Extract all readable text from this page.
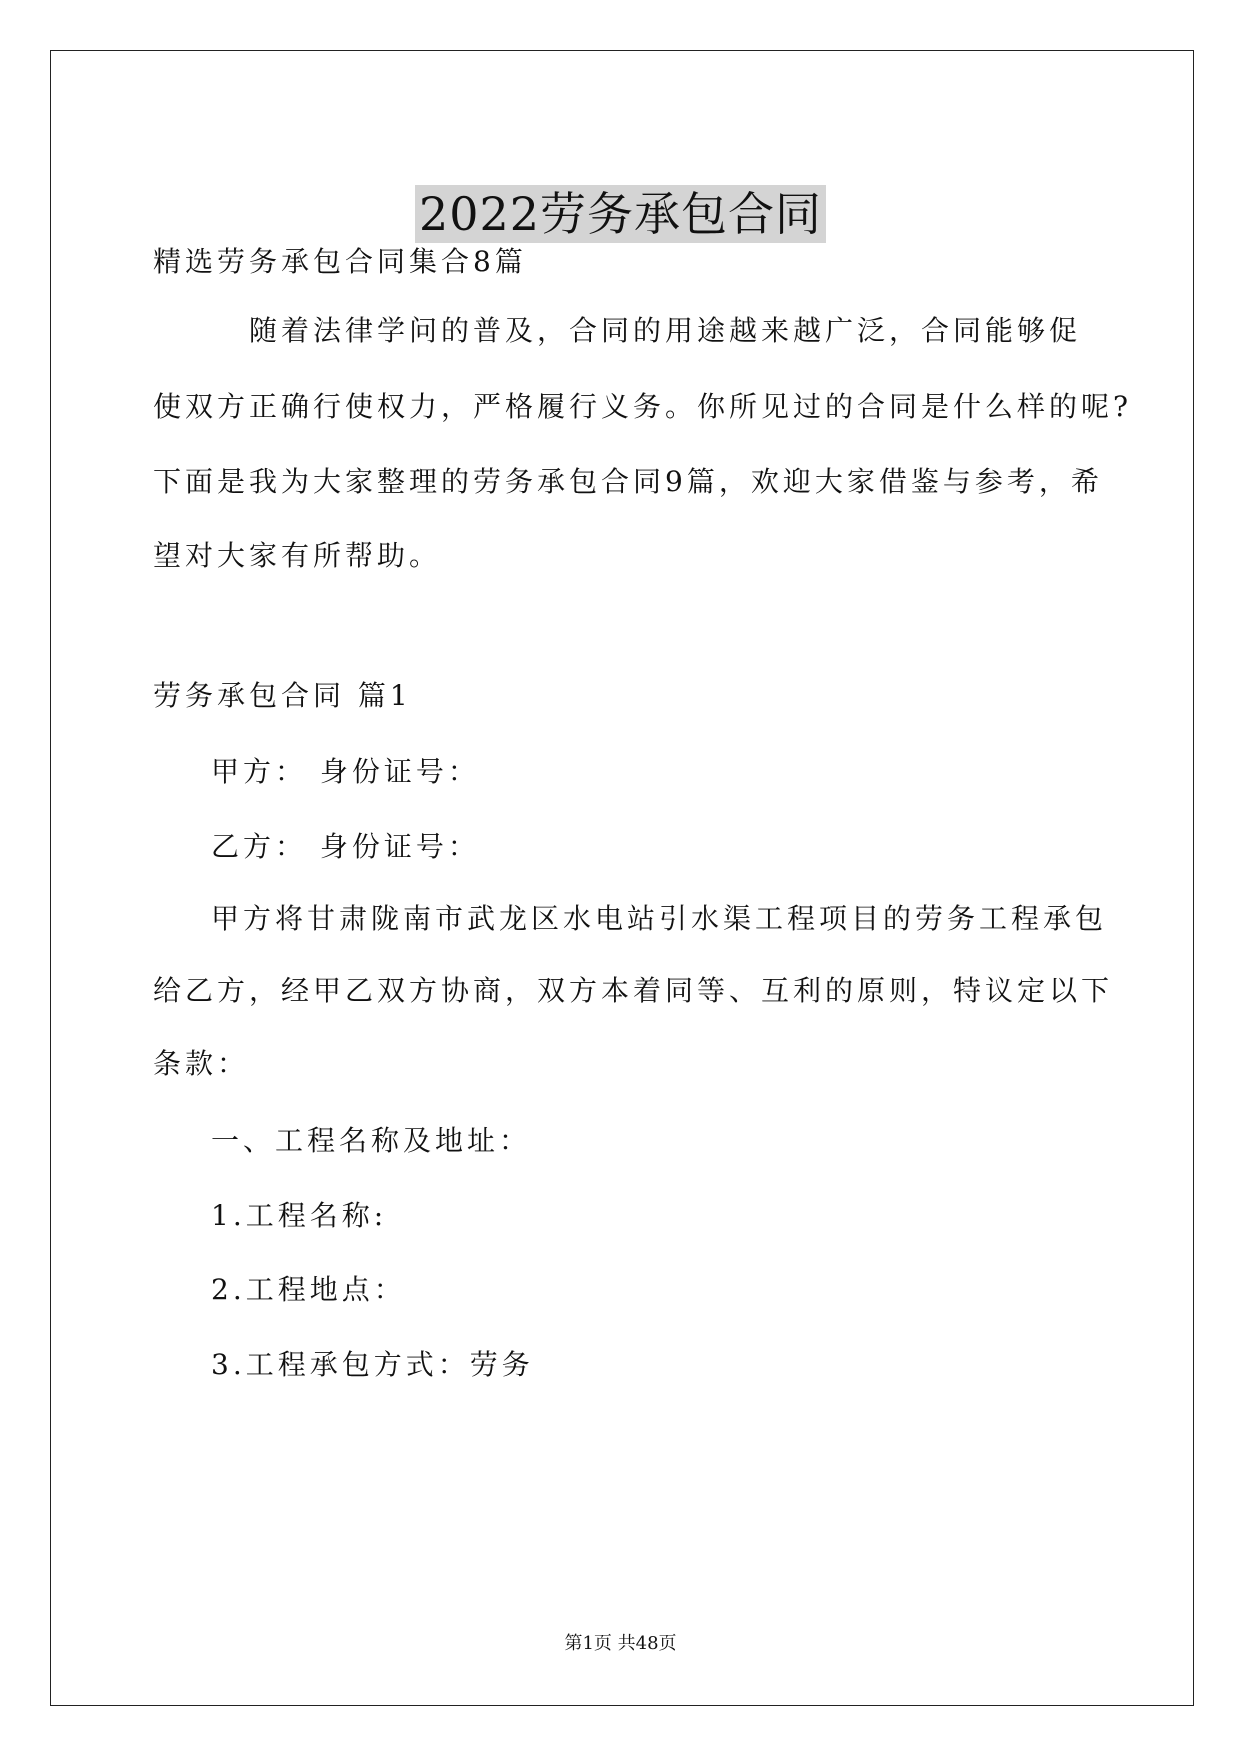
2022劳务承包合同
精选劳务承包合同集合8篇
随着法律学问的普及，合同的用途越来越广泛，合同能够促
使双方正确行使权力，严格履行义务。你所见过的合同是什么样的呢?
下面是我为大家整理的劳务承包合同9篇，欢迎大家借鉴与参考，希
望对大家有所帮助。
劳务承包合同 篇1
甲方： 身份证号：
乙方： 身份证号：
甲方将甘肃陇南市武龙区水电站引水渠工程项目的劳务工程承包
给乙方，经甲乙双方协商，双方本着同等、互利的原则，特议定以下
条款：
一、工程名称及地址：
1.工程名称:
2.工程地点：
3.工程承包方式：劳务
第1页 共48页
